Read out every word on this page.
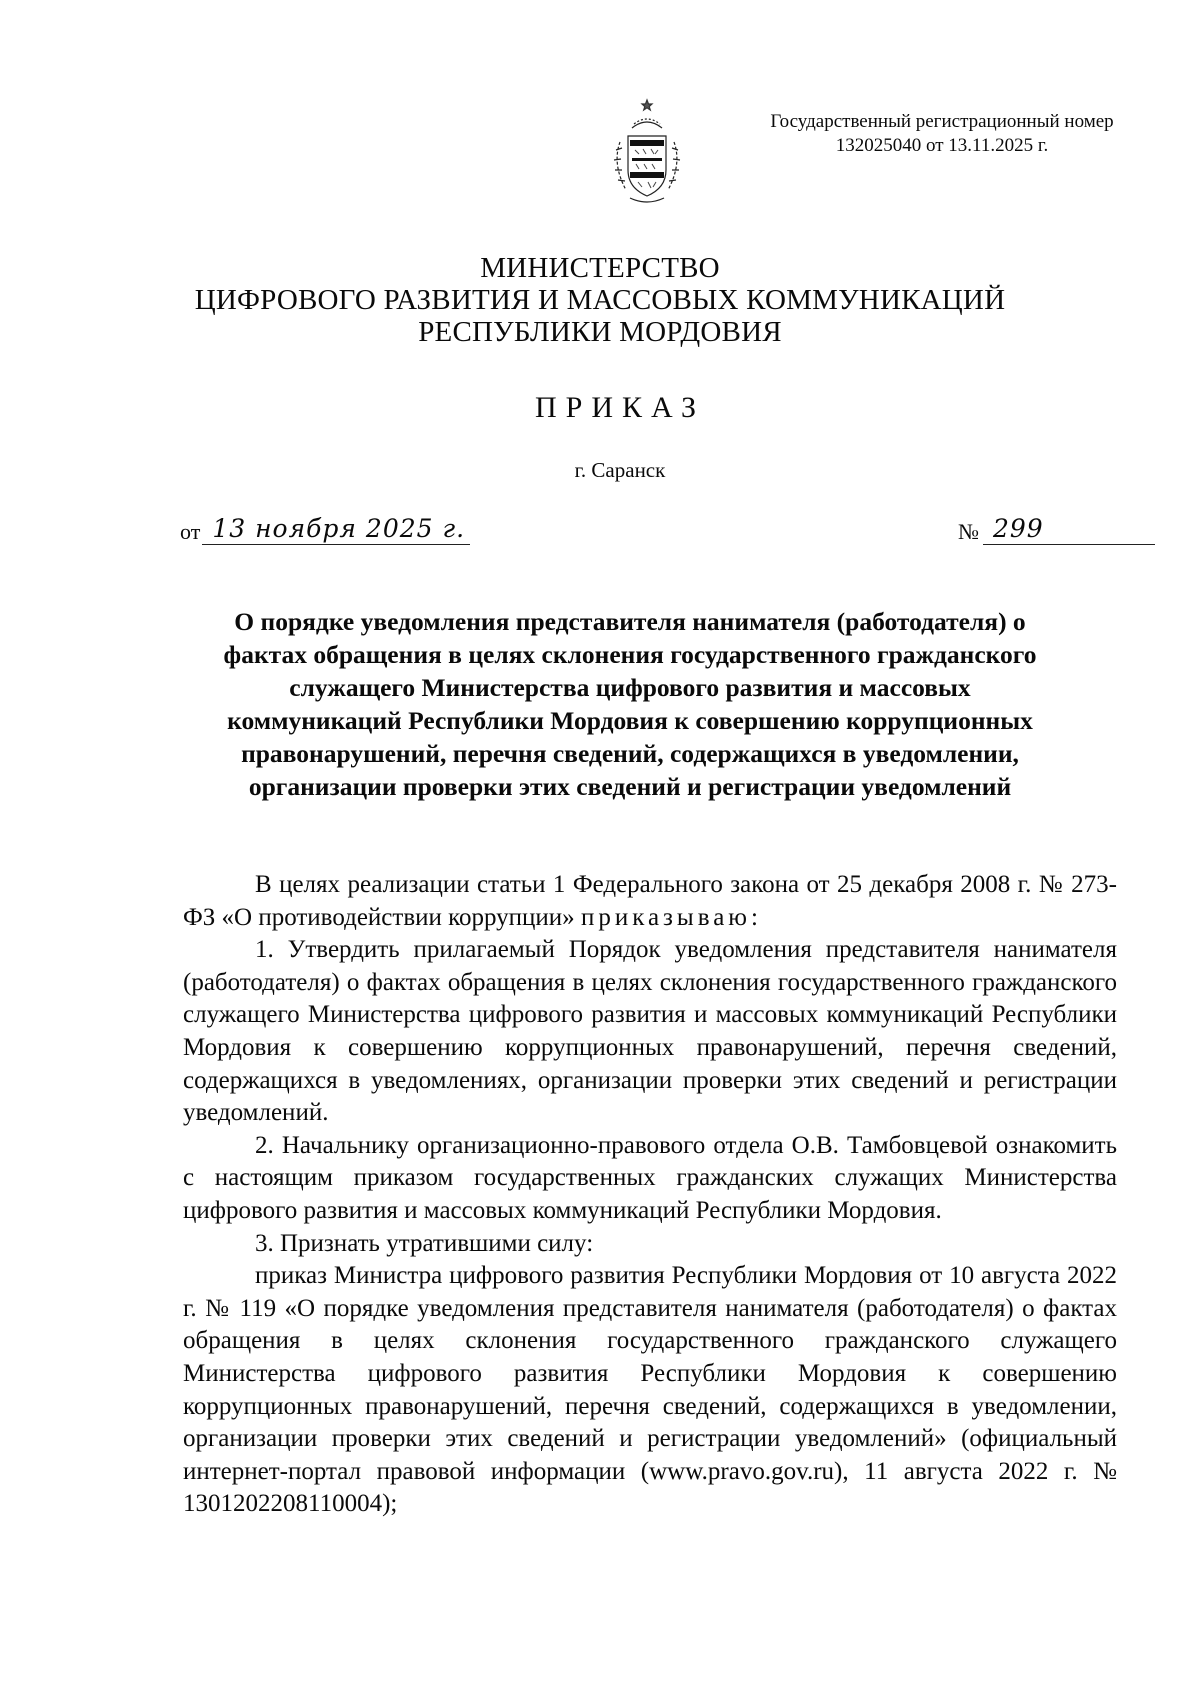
Государственный регистрационный номер
132025040 от 13.11.2025 г.
МИНИСТЕРСТВО
ЦИФРОВОГО РАЗВИТИЯ И МАССОВЫХ КОММУНИКАЦИЙ
РЕСПУБЛИКИ МОРДОВИЯ
ПРИКАЗ
г. Саранск
от 13 ноября 2025 г.	№ 299
О порядке уведомления представителя нанимателя (работодателя) о
фактах обращения в целях склонения государственного гражданского
служащего Министерства цифрового развития и массовых
коммуникаций Республики Мордовия к совершению коррупционных
правонарушений, перечня сведений, содержащихся в уведомлении,
организации проверки этих сведений и регистрации уведомлений

В целях реализации статьи 1 Федерального закона от 25 декабря 2008 г. № 273-ФЗ «О противодействии коррупции» приказываю:

1. Утвердить прилагаемый Порядок уведомления представителя нанимателя (работодателя) о фактах обращения в целях склонения государственного гражданского служащего Министерства цифрового развития и массовых коммуникаций Республики Мордовия к совершению коррупционных правонарушений, перечня сведений, содержащихся в уведомлениях, организации проверки этих сведений и регистрации уведомлений.

2. Начальнику организационно-правового отдела О.В. Тамбовцевой ознакомить с настоящим приказом государственных гражданских служащих Министерства цифрового развития и массовых коммуникаций Республики Мордовия.

3. Признать утратившими силу:

приказ Министра цифрового развития Республики Мордовия от 10 августа 2022 г. № 119 «О порядке уведомления представителя нанимателя (работодателя) о фактах обращения в целях склонения государственного гражданского служащего Министерства цифрового развития Республики Мордовия к совершению коррупционных правонарушений, перечня сведений, содержащихся в уведомлении, организации проверки этих сведений и регистрации уведомлений» (официальный интернет-портал правовой информации (www.pravo.gov.ru), 11 августа 2022 г. № 1301202208110004);
